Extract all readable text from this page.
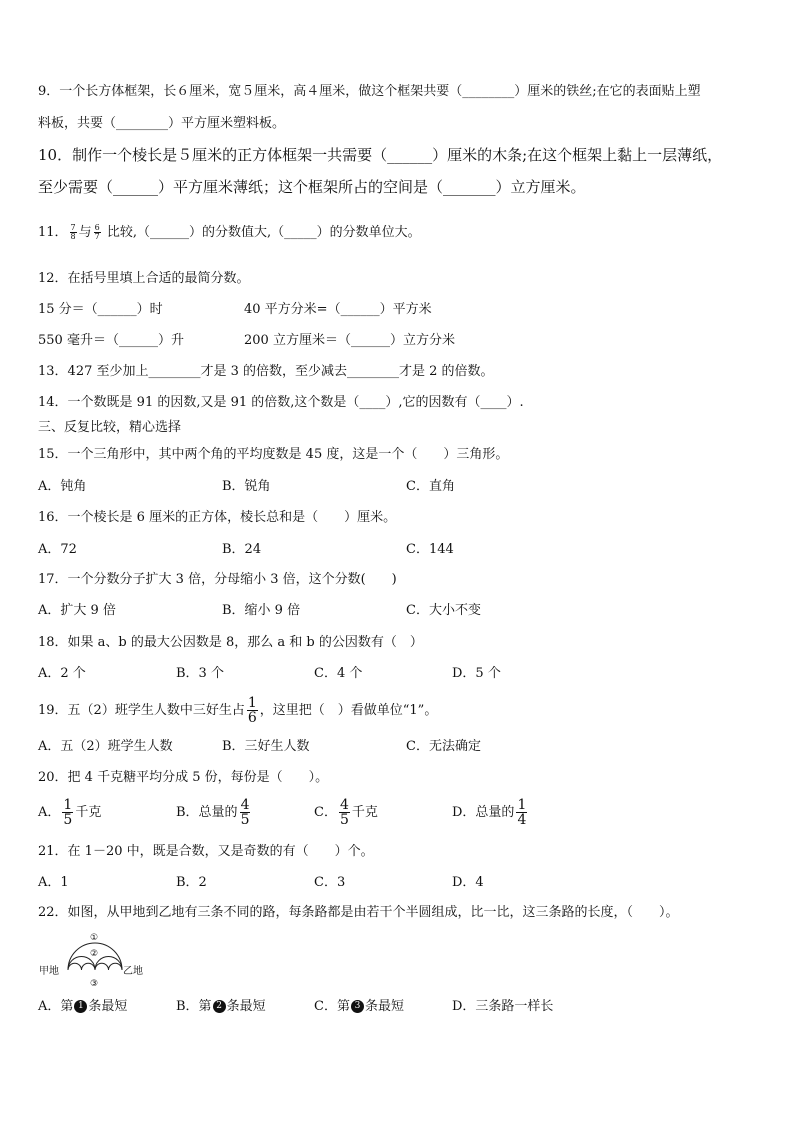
9．一个长方体框架，长６厘米，宽５厘米，高４厘米，做这个框架共要（________）厘米的铁丝;在它的表面贴上塑
料板，共要（________）平方厘米塑料板。
10．制作一个棱长是５厘米的正方体框架一共需要（______）厘米的木条;在这个框架上黏上一层薄纸，
至少需要（______）平方厘米薄纸；这个框架所占的空间是（_______）立方厘米。
11． $\frac{7}{8}$ 与 $\frac{6}{7}$ 比较,（______）的分数值大,（_____）的分数单位大。
12．在括号里填上合适的最简分数。
15 分＝（______）时	40 平方分米=（______）平方米
550 毫升＝（______）升	200 立方厘米＝（______）立方分米
13．427 至少加上________才是 3 的倍数，至少减去________才是 2 的倍数。
14．一个数既是 91 的因数,又是 91 的倍数,这个数是（____）,它的因数有（____）.
三、反复比较，精心选择
15．一个三角形中，其中两个角的平均度数是 45 度，这是一个（　　）三角形。
A．钝角	B．锐角	C．直角
16．一个棱长是 6 厘米的正方体，棱长总和是（　　）厘米。
A．72	B．24	C．144
17．一个分数分子扩大 3 倍，分母缩小 3 倍，这个分数(　　)
A．扩大 9 倍	B．缩小 9 倍	C．大小不变
18．如果 a、b 的最大公因数是 8，那么 a 和 b 的公因数有（　）
A．2 个	B．3 个	C．4 个	D．5 个
19．五（2）班学生人数中三好生占 $\frac{1}{6}$ ，这里把（　）看做单位“1”。
A．五（2）班学生人数	B．三好生人数	C．无法确定
20．把 4 千克糖平均分成 5 份，每份是（　　）。
A． $\frac{1}{5}$ 千克	B．总量的 $\frac{4}{5}$	C． $\frac{4}{5}$ 千克	D．总量的 $\frac{1}{4}$
21．在 1－20 中，既是合数，又是奇数的有（　　）个。
A．1	B．2	C．3	D．4
22．如图，从甲地到乙地有三条不同的路，每条路都是由若干个半圆组成，比一比，这三条路的长度，（　　）。
甲地	乙地
①
②
③
A．第 1 条最短	B．第 2 条最短	C．第 3 条最短	D．三条路一样长
